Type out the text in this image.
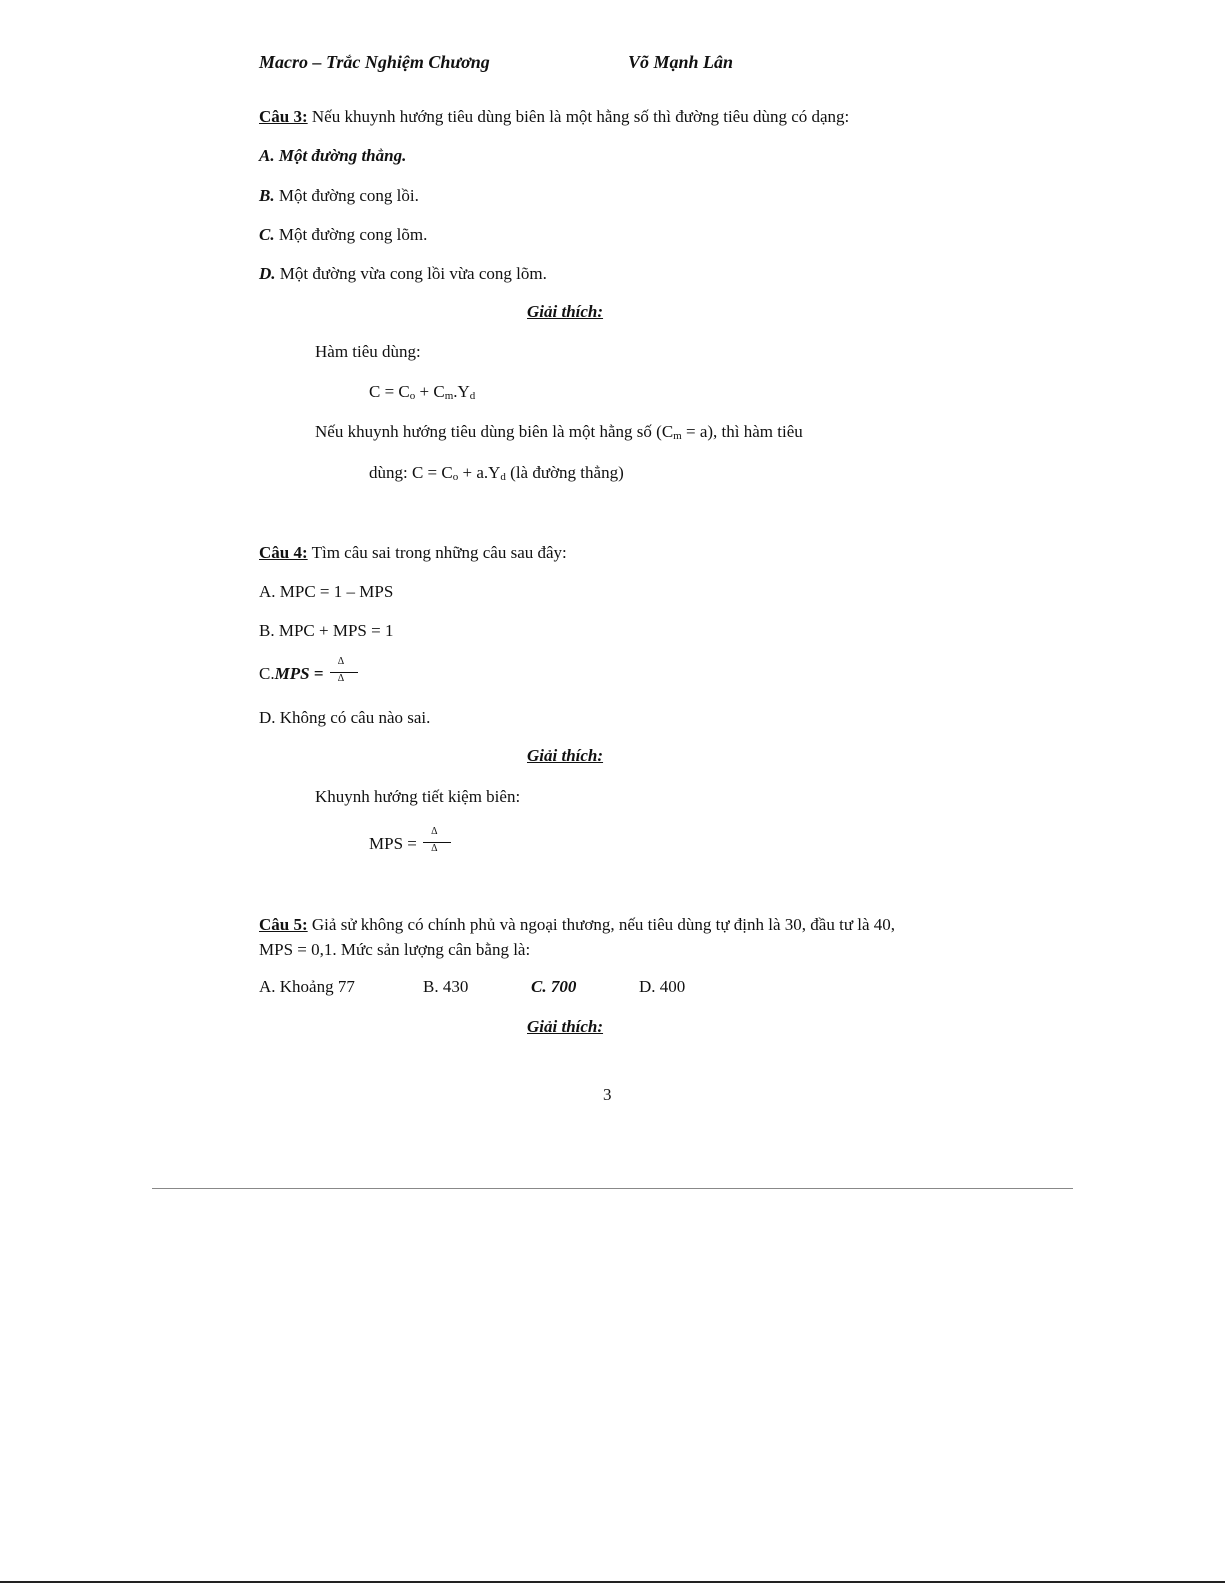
Macro – Trắc Nghiệm Chương	Võ Mạnh Lân
Câu 3: Nếu khuynh hướng tiêu dùng biên là một hằng số thì đường tiêu dùng có dạng:
A. Một đường thẳng.
B. Một đường cong lồi.
C. Một đường cong lõm.
D. Một đường vừa cong lồi vừa cong lõm.
Giải thích:
Hàm tiêu dùng:
$C = C_o + C_m.Y_d$
Nếu khuynh hướng tiêu dùng biên là một hằng số $(C_m = a)$, thì hàm tiêu
dùng: $C = C_o + a.Y_d$ (là đường thẳng)
Câu 4: Tìm câu sai trong những câu sau đây:
A. MPC = 1 – MPS
B. MPC + MPS = 1
$C.MPS = \frac{\Delta}{\Delta}$
D. Không có câu nào sai.
Giải thích:
Khuynh hướng tiết kiệm biên:
MPS = $\frac{\Delta}{\Delta}$
Câu 5: Giả sử không có chính phủ và ngoại thương, nếu tiêu dùng tự định là 30, đầu tư là 40,
MPS = 0,1. Mức sản lượng cân bằng là:
A. Khoảng 77	B. 430	C. 700	D. 400
Giải thích:
3
